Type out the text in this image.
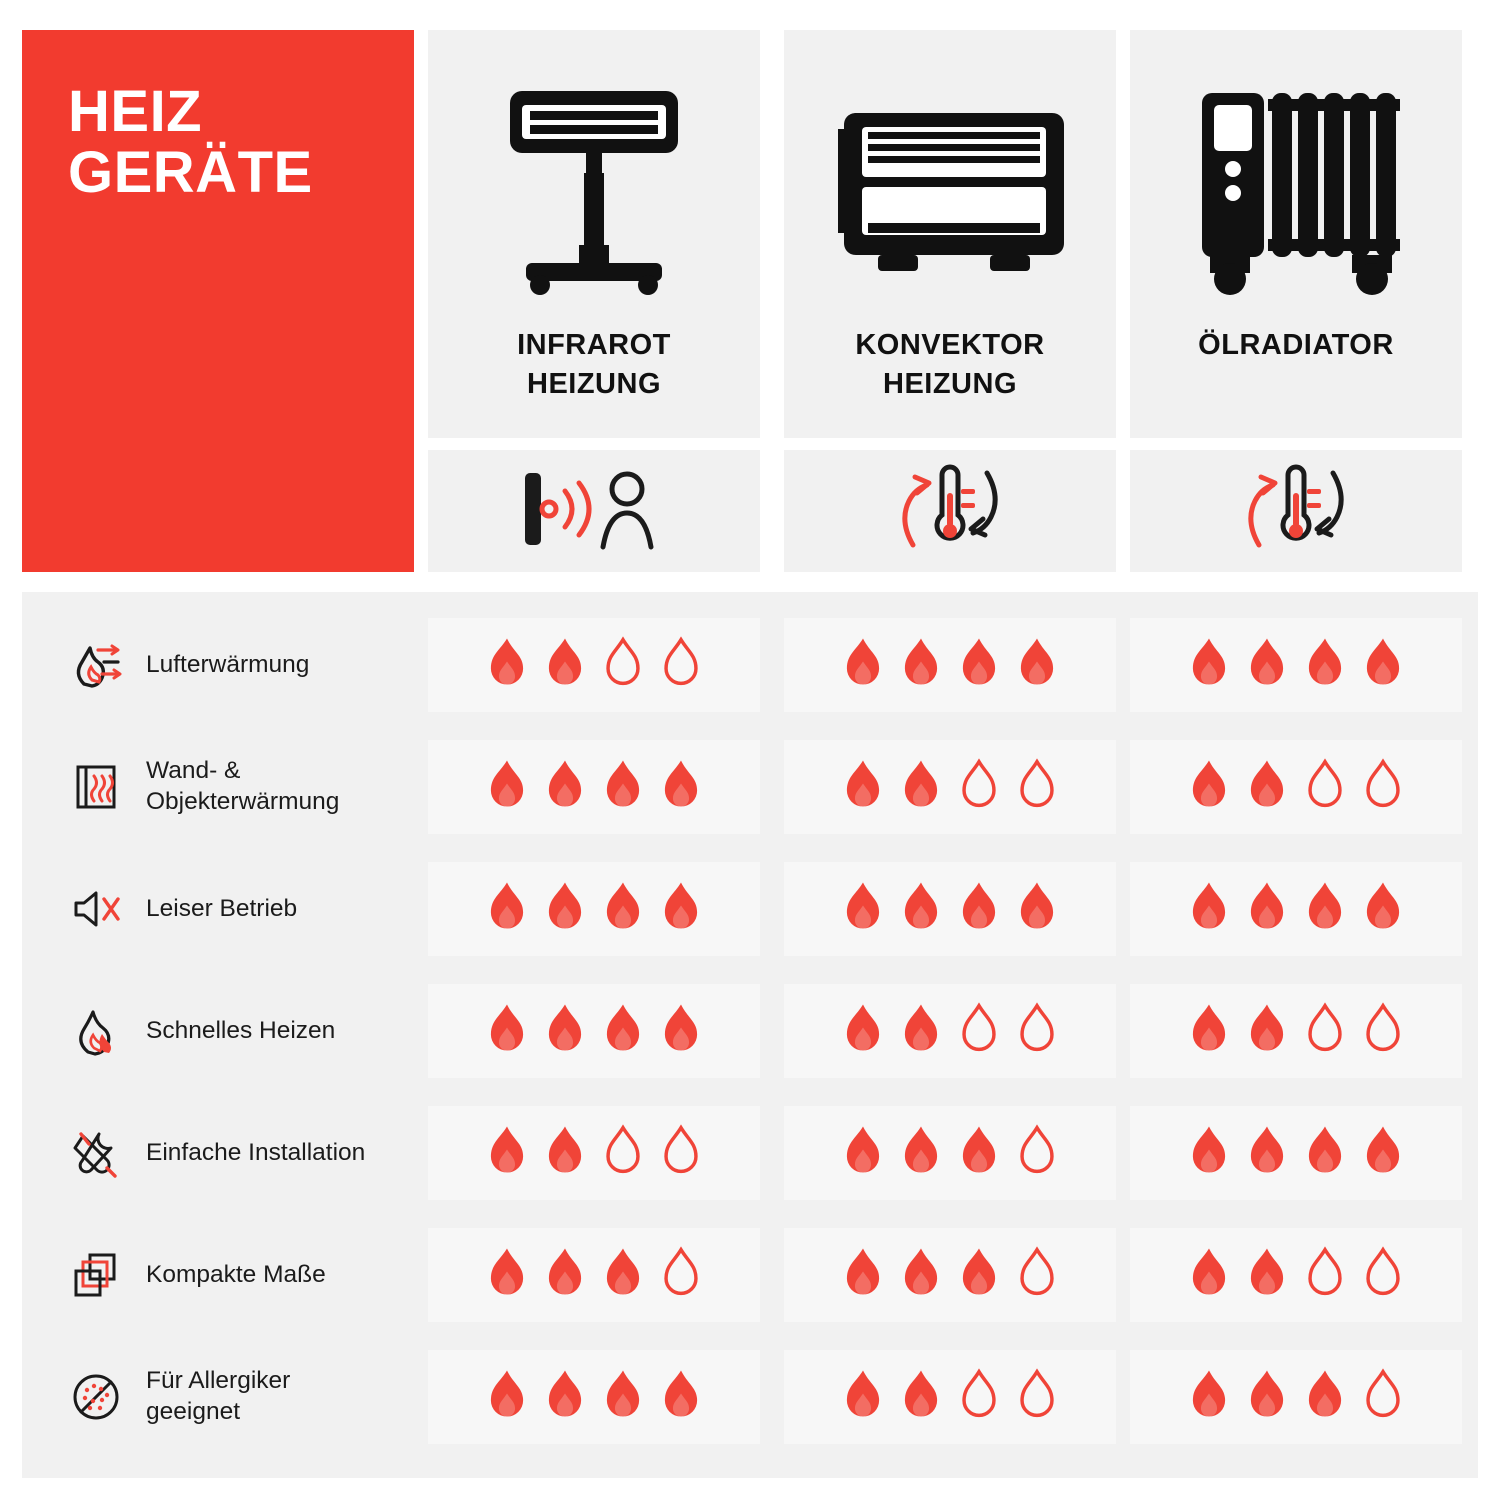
HEIZ
GERÄTE
INFRAROT
HEIZUNG
KONVEKTOR
HEIZUNG
ÖLRADIATOR
Lufterwärmung
Wand- &
Objekterwärmung
Leiser Betrieb
Schnelles Heizen
Einfache Installation
Kompakte Maße
Für Allergiker
geeignet
